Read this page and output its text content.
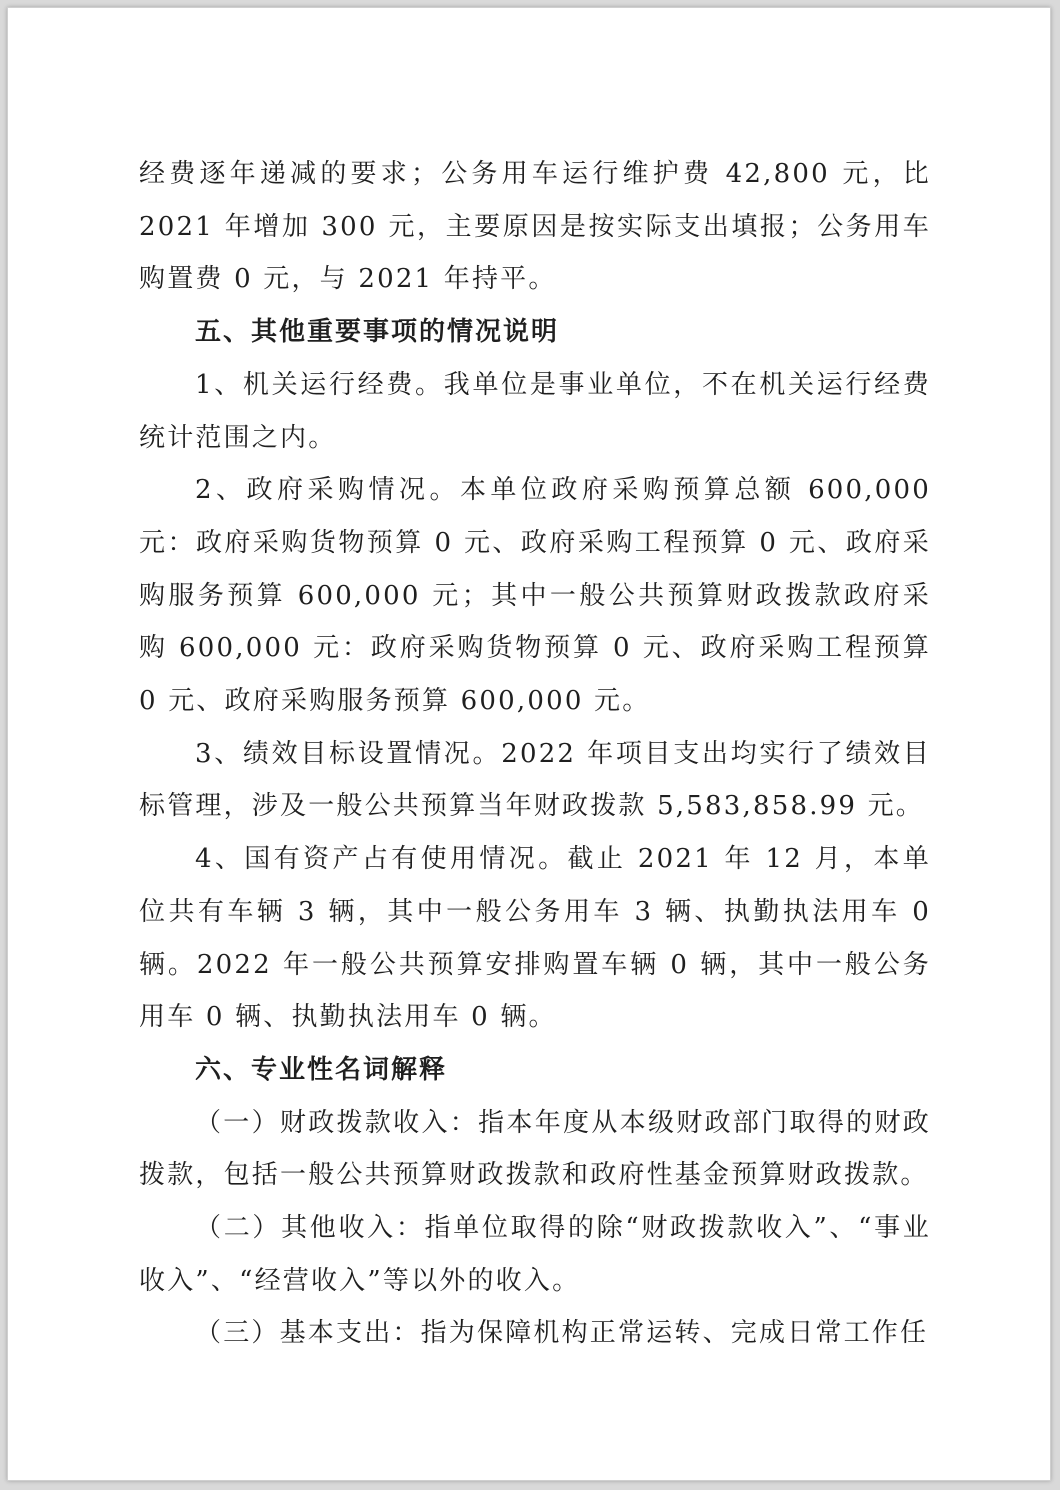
经费逐年递减的要求；公务用车运行维护费 42,800 元，比 2021 年增加 300 元，主要原因是按实际支出填报；公务用车购置费 0 元，与 2021 年持平。

五、其他重要事项的情况说明

1、机关运行经费。我单位是事业单位，不在机关运行经费统计范围之内。

2、政府采购情况。本单位政府采购预算总额 600,000 元：政府采购货物预算 0 元、政府采购工程预算 0 元、政府采购服务预算 600,000 元；其中一般公共预算财政拨款政府采购 600,000 元：政府采购货物预算 0 元、政府采购工程预算 0 元、政府采购服务预算 600,000 元。

3、绩效目标设置情况。2022 年项目支出均实行了绩效目标管理，涉及一般公共预算当年财政拨款 5,583,858.99 元。

4、国有资产占有使用情况。截止 2021 年 12 月，本单位共有车辆 3 辆，其中一般公务用车 3 辆、执勤执法用车 0 辆。2022 年一般公共预算安排购置车辆 0 辆，其中一般公务用车 0 辆、执勤执法用车 0 辆。

六、专业性名词解释

（一）财政拨款收入：指本年度从本级财政部门取得的财政拨款，包括一般公共预算财政拨款和政府性基金预算财政拨款。

（二）其他收入：指单位取得的除“财政拨款收入”、“事业收入”、“经营收入”等以外的收入。

（三）基本支出：指为保障机构正常运转、完成日常工作任
